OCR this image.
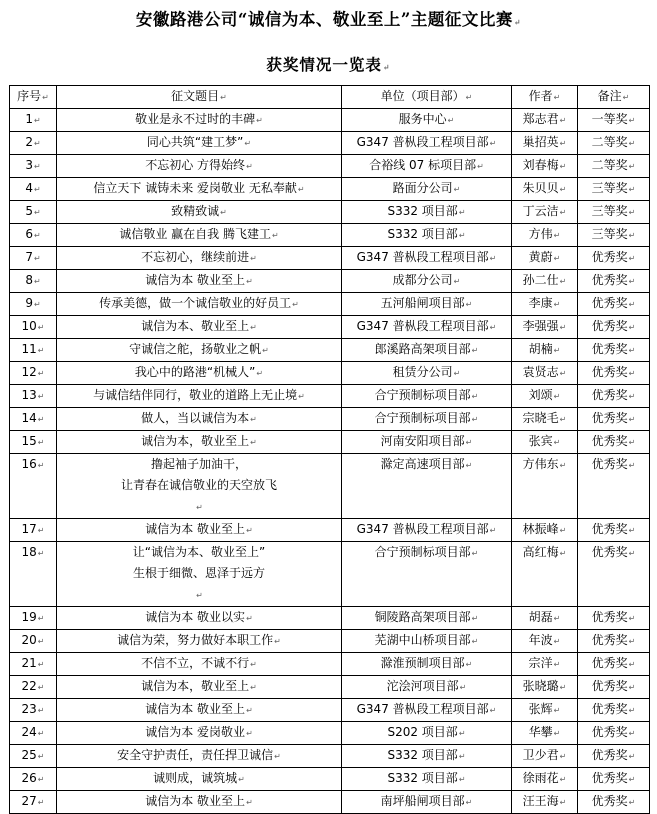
安徽路港公司“诚信为本、敬业至上”主题征文比赛 ↵
获奖情况一览表 ↵
序号 ↵	征文题目 ↵	单位（项目部） ↵	作者 ↵	备注 ↵
1 ↵	敬业是永不过时的丰碑 ↵	服务中心 ↵	郑志君 ↵	一等奖 ↵
2 ↵	同心共筑“建工梦” ↵	G347 普枞段工程项目部 ↵	巢招英 ↵	二等奖 ↵
3 ↵	不忘初心 方得始终 ↵	合裕线 07 标项目部 ↵	刘春梅 ↵	二等奖 ↵
4 ↵	信立天下 诚铸未来 爱岗敬业 无私奉献 ↵	路面分公司 ↵	朱贝贝 ↵	三等奖 ↵
5 ↵	致精致诚 ↵	S332 项目部 ↵	丁云洁 ↵	三等奖 ↵
6 ↵	诚信敬业 赢在自我 腾飞建工 ↵	S332 项目部 ↵	方伟 ↵	三等奖 ↵
7 ↵	不忘初心，继续前进 ↵	G347 普枞段工程项目部 ↵	黄蔚 ↵	优秀奖 ↵
8 ↵	诚信为本 敬业至上 ↵	成都分公司 ↵	孙二仕 ↵	优秀奖 ↵
9 ↵	传承美德，做一个诚信敬业的好员工 ↵	五河船闸项目部 ↵	李康 ↵	优秀奖 ↵
10 ↵	诚信为本、敬业至上 ↵	G347 普枞段工程项目部 ↵	李强强 ↵	优秀奖 ↵
11 ↵	守诚信之舵，扬敬业之帆 ↵	郎溪路高架项目部 ↵	胡楠 ↵	优秀奖 ↵
12 ↵	我心中的路港“机械人” ↵	租赁分公司 ↵	袁贤志 ↵	优秀奖 ↵
13 ↵	与诚信结伴同行，敬业的道路上无止境 ↵	合宁预制标项目部 ↵	刘颂 ↵	优秀奖 ↵
14 ↵	做人，当以诚信为本 ↵	合宁预制标项目部 ↵	宗晓毛 ↵	优秀奖 ↵
15 ↵	诚信为本，敬业至上 ↵	河南安阳项目部 ↵	张宾 ↵	优秀奖 ↵
16 ↵	撸起袖子加油干，
让青春在诚信敬业的天空放飞
↵	滁定高速项目部 ↵	方伟东 ↵	优秀奖 ↵
17 ↵	诚信为本 敬业至上 ↵	G347 普枞段工程项目部 ↵	林振峰 ↵	优秀奖 ↵
18 ↵	让“诚信为本、敬业至上”
生根于细微、恩泽于远方
↵	合宁预制标项目部 ↵	高红梅 ↵	优秀奖 ↵
19 ↵	诚信为本 敬业以实 ↵	铜陵路高架项目部 ↵	胡磊 ↵	优秀奖 ↵
20 ↵	诚信为荣，努力做好本职工作 ↵	芜湖中山桥项目部 ↵	年波 ↵	优秀奖 ↵
21 ↵	不信不立，不诚不行 ↵	滁淮预制项目部 ↵	宗洋 ↵	优秀奖 ↵
22 ↵	诚信为本，敬业至上 ↵	沱浍河项目部 ↵	张晓璐 ↵	优秀奖 ↵
23 ↵	诚信为本 敬业至上 ↵	G347 普枞段工程项目部 ↵	张辉 ↵	优秀奖 ↵
24 ↵	诚信为本 爱岗敬业 ↵	S202 项目部 ↵	华攀 ↵	优秀奖 ↵
25 ↵	安全守护责任，责任捍卫诚信 ↵	S332 项目部 ↵	卫少君 ↵	优秀奖 ↵
26 ↵	诚则成，诚筑城 ↵	S332 项目部 ↵	徐雨花 ↵	优秀奖 ↵
27 ↵	诚信为本 敬业至上 ↵	南坪船闸项目部 ↵	汪王海 ↵	优秀奖 ↵
